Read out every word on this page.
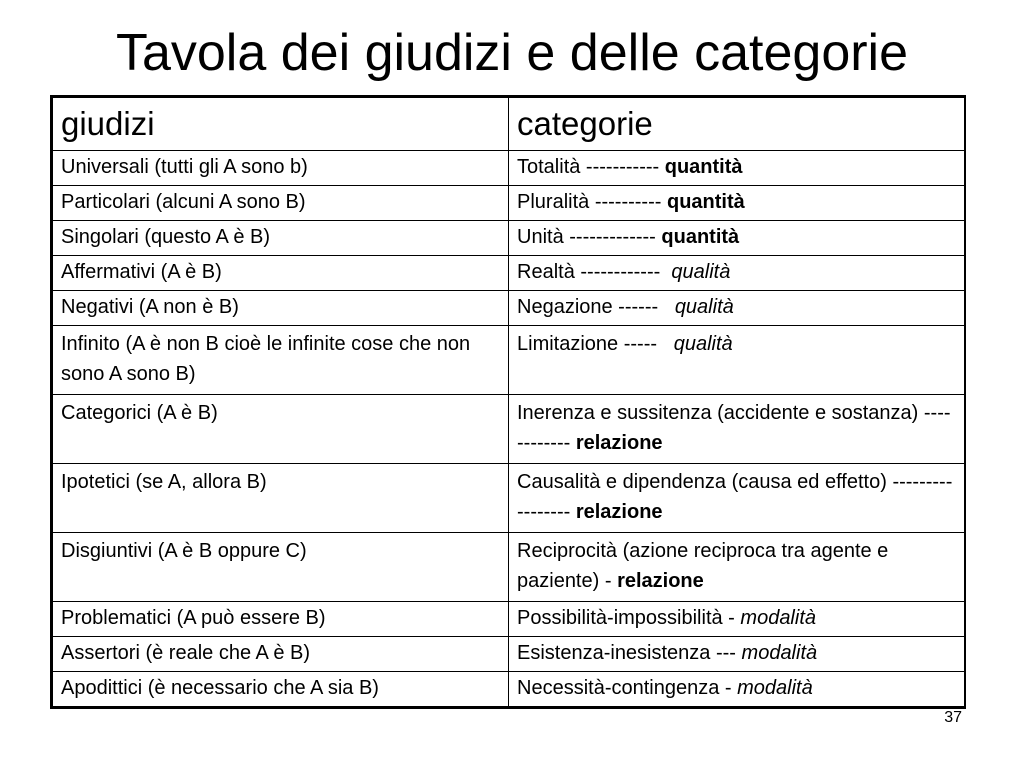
Tavola dei giudizi e delle categorie
giudizi	categorie
Universali (tutti gli A sono b)	Totalità ----------- quantità
Particolari (alcuni A sono B)	Pluralità ---------- quantità
Singolari (questo A è B)	Unità ------------- quantità
Affermativi (A è B)	Realtà ------------  qualità
Negativi (A non è B)	Negazione ------   qualità
Infinito (A è non B cioè le infinite cose che non sono A sono B)	Limitazione -----   qualità
Categorici (A è B)	Inerenza e sussitenza (accidente e sostanza) ------------ relazione
Ipotetici (se A, allora B)	Causalità e dipendenza (causa ed effetto) ----------------- relazione
Disgiuntivi (A è B oppure C)	Reciprocità (azione reciproca tra agente e paziente) - relazione
Problematici (A può essere B)	Possibilità-impossibilità - modalità
Assertori (è reale che A è B)	Esistenza-inesistenza --- modalità
Apodittici (è necessario che A sia B)	Necessità-contingenza - modalità
37
